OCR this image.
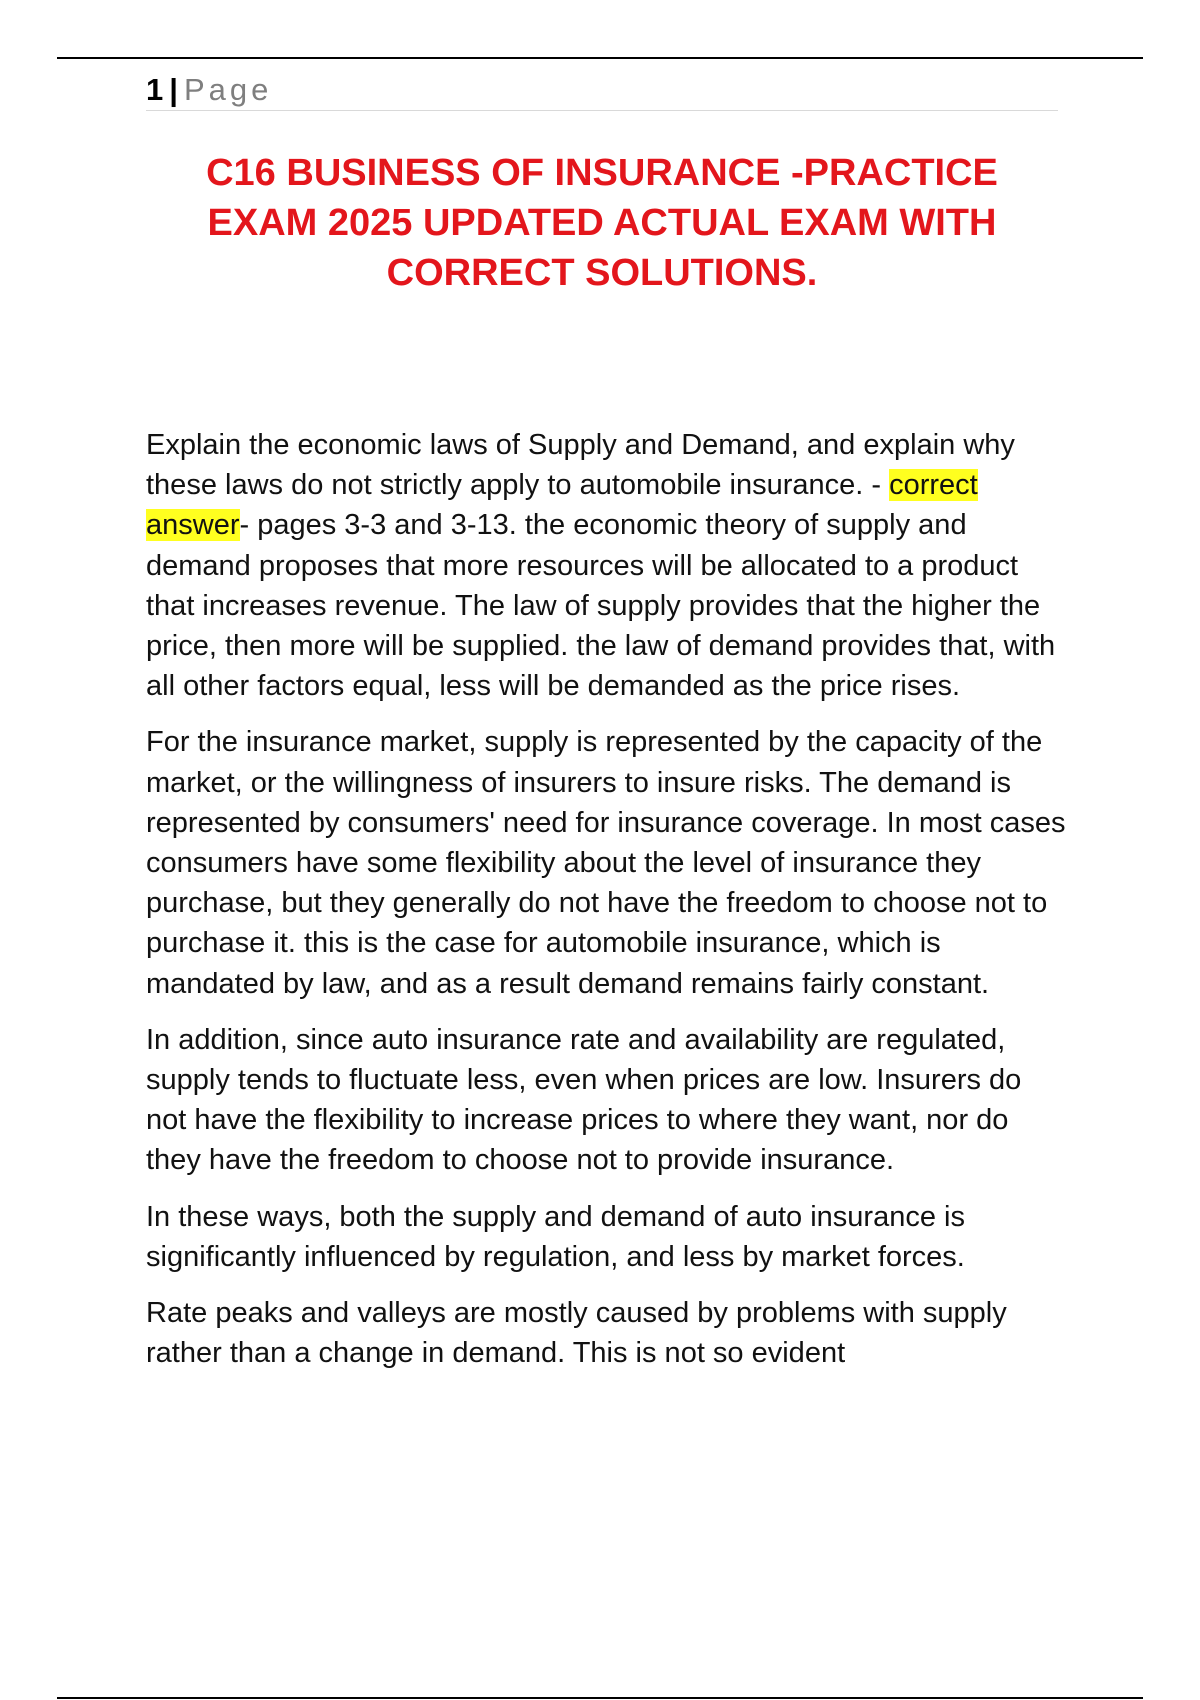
1 | Page
C16 BUSINESS OF INSURANCE -PRACTICE EXAM 2025 UPDATED ACTUAL EXAM WITH CORRECT SOLUTIONS.

Explain the economic laws of Supply and Demand, and explain why these laws do not strictly apply to automobile insurance. - correct answer- pages 3-3 and 3-13. the economic theory of supply and demand proposes that more resources will be allocated to a product that increases revenue. The law of supply provides that the higher the price, then more will be supplied. the law of demand provides that, with all other factors equal, less will be demanded as the price rises.

For the insurance market, supply is represented by the capacity of the market, or the willingness of insurers to insure risks. The demand is represented by consumers' need for insurance coverage. In most cases consumers have some flexibility about the level of insurance they purchase, but they generally do not have the freedom to choose not to purchase it. this is the case for automobile insurance, which is mandated by law, and as a result demand remains fairly constant.

In addition, since auto insurance rate and availability are regulated, supply tends to fluctuate less, even when prices are low. Insurers do not have the flexibility to increase prices to where they want, nor do they have the freedom to choose not to provide insurance.

In these ways, both the supply and demand of auto insurance is significantly influenced by regulation, and less by market forces.

Rate peaks and valleys are mostly caused by problems with supply rather than a change in demand. This is not so evident
